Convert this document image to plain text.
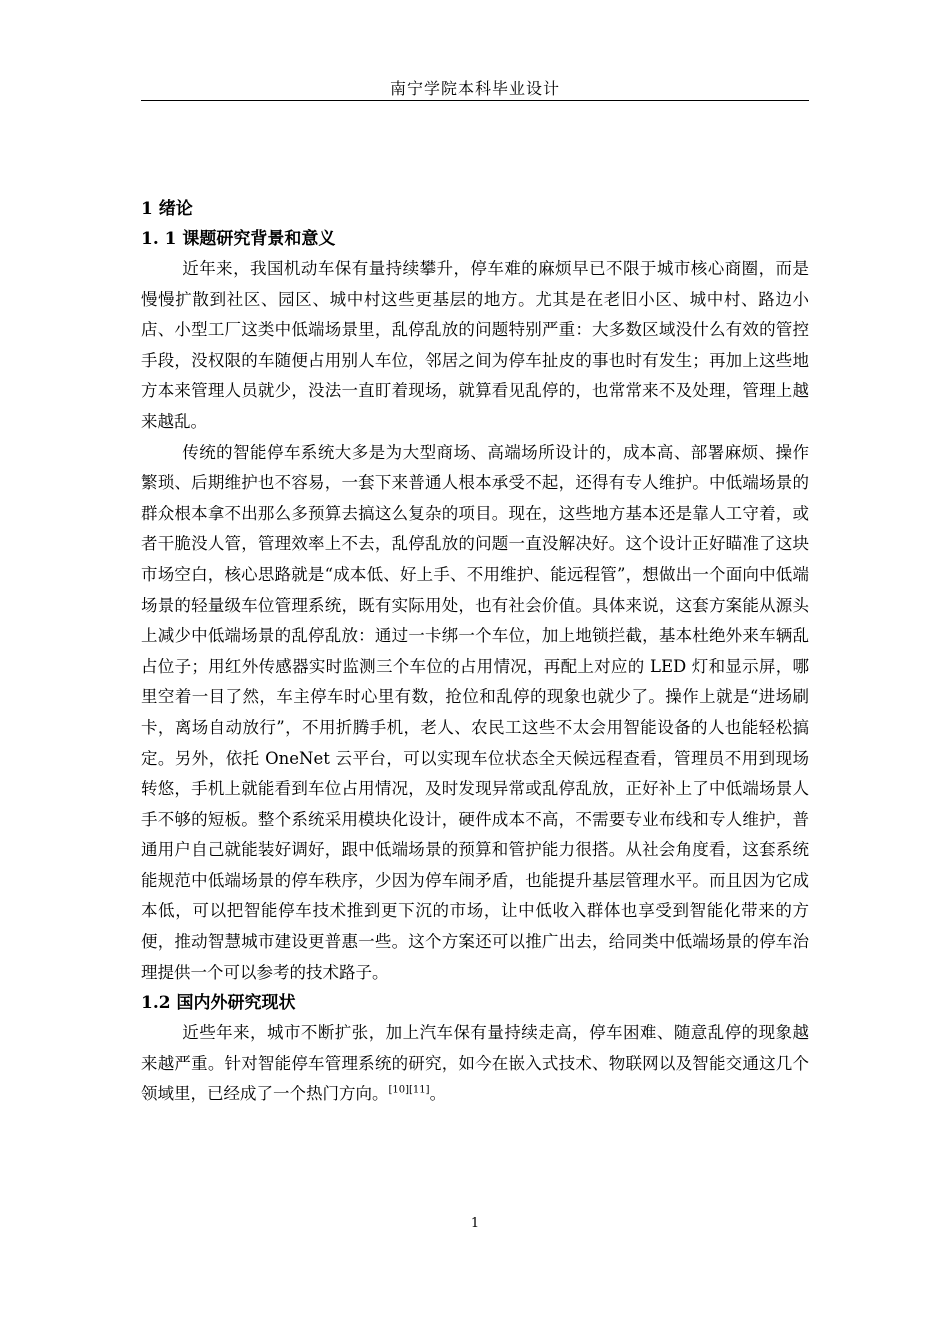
南宁学院本科毕业设计

1 绪论

1. 1 课题研究背景和意义

近年来，我国机动车保有量持续攀升，停车难的麻烦早已不限于城市核心商圈，而是慢慢扩散到社区、园区、城中村这些更基层的地方。尤其是在老旧小区、城中村、路边小店、小型工厂这类中低端场景里，乱停乱放的问题特别严重：大多数区域没什么有效的管控手段，没权限的车随便占用别人车位，邻居之间为停车扯皮的事也时有发生；再加上这些地方本来管理人员就少，没法一直盯着现场，就算看见乱停的，也常常来不及处理，管理上越来越乱。

传统的智能停车系统大多是为大型商场、高端场所设计的，成本高、部署麻烦、操作繁琐、后期维护也不容易，一套下来普通人根本承受不起，还得有专人维护。中低端场景的群众根本拿不出那么多预算去搞这么复杂的项目。现在，这些地方基本还是靠人工守着，或者干脆没人管，管理效率上不去，乱停乱放的问题一直没解决好。这个设计正好瞄准了这块市场空白，核心思路就是“成本低、好上手、不用维护、能远程管”，想做出一个面向中低端场景的轻量级车位管理系统，既有实际用处，也有社会价值。具体来说，这套方案能从源头上减少中低端场景的乱停乱放：通过一卡绑一个车位，加上地锁拦截，基本杜绝外来车辆乱占位子；用红外传感器实时监测三个车位的占用情况，再配上对应的 LED 灯和显示屏，哪里空着一目了然，车主停车时心里有数，抢位和乱停的现象也就少了。操作上就是“进场刷卡，离场自动放行”，不用折腾手机，老人、农民工这些不太会用智能设备的人也能轻松搞定。另外，依托 OneNet 云平台，可以实现车位状态全天候远程查看，管理员不用到现场转悠，手机上就能看到车位占用情况，及时发现异常或乱停乱放，正好补上了中低端场景人手不够的短板。整个系统采用模块化设计，硬件成本不高，不需要专业布线和专人维护，普通用户自己就能装好调好，跟中低端场景的预算和管护能力很搭。从社会角度看，这套系统能规范中低端场景的停车秩序，少因为停车闹矛盾，也能提升基层管理水平。而且因为它成本低，可以把智能停车技术推到更下沉的市场，让中低收入群体也享受到智能化带来的方便，推动智慧城市建设更普惠一些。这个方案还可以推广出去，给同类中低端场景的停车治理提供一个可以参考的技术路子。

1.2 国内外研究现状

近些年来，城市不断扩张，加上汽车保有量持续走高，停车困难、随意乱停的现象越来越严重。针对智能停车管理系统的研究，如今在嵌入式技术、物联网以及智能交通这几个领域里，已经成了一个热门方向。[10][11]。

1
